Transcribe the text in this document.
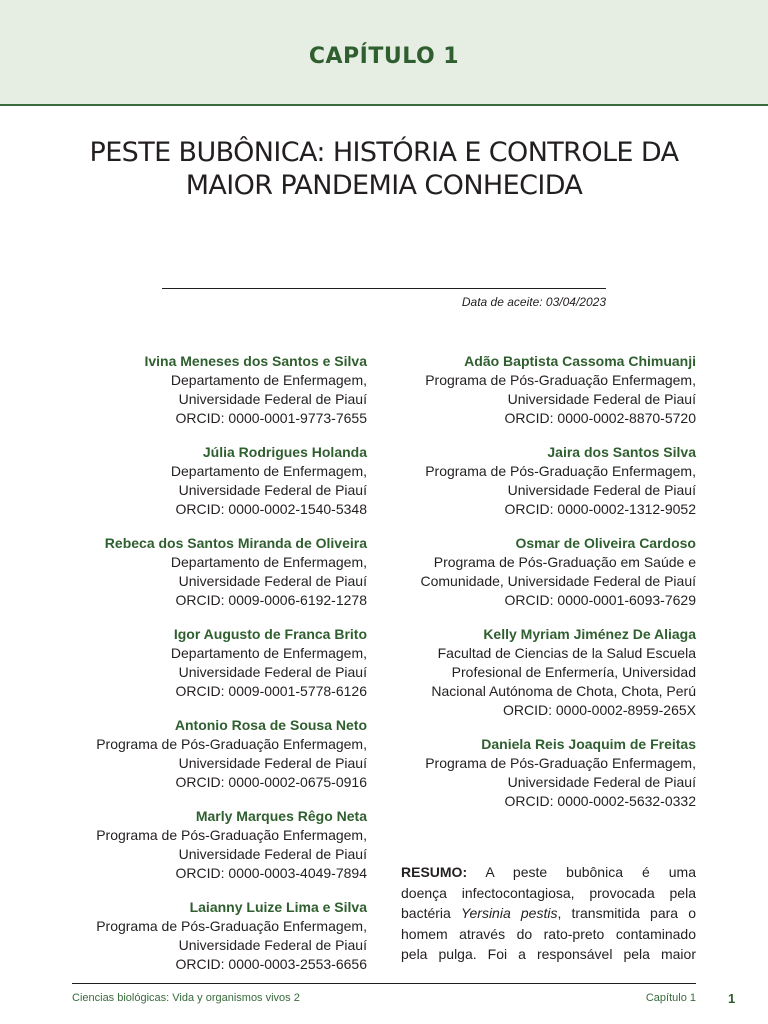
CAPÍTULO 1
PESTE BUBÔNICA: HISTÓRIA E CONTROLE DA
MAIOR PANDEMIA CONHECIDA
Data de aceite: 03/04/2023
Ivina Meneses dos Santos e Silva
Departamento de Enfermagem,
Universidade Federal de Piauí
ORCID: 0000-0001-9773-7655
Júlia Rodrigues Holanda
Departamento de Enfermagem,
Universidade Federal de Piauí
ORCID: 0000-0002-1540-5348
Rebeca dos Santos Miranda de Oliveira
Departamento de Enfermagem,
Universidade Federal de Piauí
ORCID: 0009-0006-6192-1278
Igor Augusto de Franca Brito
Departamento de Enfermagem,
Universidade Federal de Piauí
ORCID: 0009-0001-5778-6126
Antonio Rosa de Sousa Neto
Programa de Pós-Graduação Enfermagem,
Universidade Federal de Piauí
ORCID: 0000-0002-0675-0916
Marly Marques Rêgo Neta
Programa de Pós-Graduação Enfermagem,
Universidade Federal de Piauí
ORCID: 0000-0003-4049-7894
Laianny Luize Lima e Silva
Programa de Pós-Graduação Enfermagem,
Universidade Federal de Piauí
ORCID: 0000-0003-2553-6656
Adão Baptista Cassoma Chimuanji
Programa de Pós-Graduação Enfermagem,
Universidade Federal de Piauí
ORCID: 0000-0002-8870-5720
Jaira dos Santos Silva
Programa de Pós-Graduação Enfermagem,
Universidade Federal de Piauí
ORCID: 0000-0002-1312-9052
Osmar de Oliveira Cardoso
Programa de Pós-Graduação em Saúde e
Comunidade, Universidade Federal de Piauí
ORCID: 0000-0001-6093-7629
Kelly Myriam Jiménez De Aliaga
Facultad de Ciencias de la Salud Escuela
Profesional de Enfermería, Universidad
Nacional Autónoma de Chota, Chota, Perú
ORCID: 0000-0002-8959-265X
Daniela Reis Joaquim de Freitas
Programa de Pós-Graduação Enfermagem,
Universidade Federal de Piauí
ORCID: 0000-0002-5632-0332
RESUMO: A peste bubônica é uma
doença infectocontagiosa, provocada pela
bactéria Yersinia pestis, transmitida para o
homem através do rato-preto contaminado
pela pulga. Foi a responsável pela maior
Ciencias biológicas: Vida y organismos vivos 2	Capítulo 1 1
